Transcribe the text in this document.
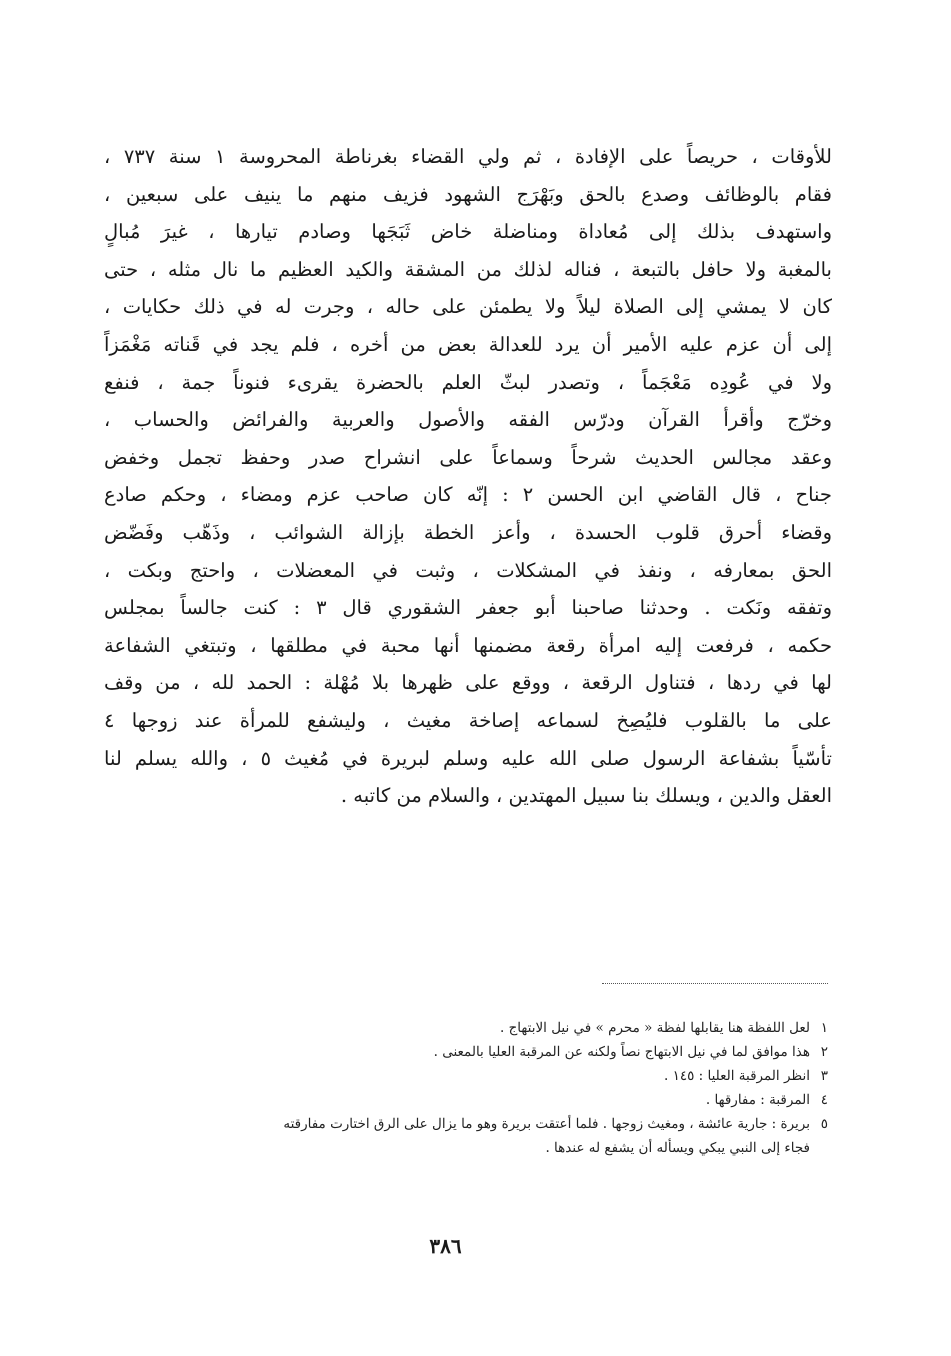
للأوقات ، حريصاً على الإفادة ، ثم ولي القضاء بغرناطة المحروسة ١ سنة ٧٣٧ ،
فقام بالوظائف وصدع بالحق وبَهْرَج الشهود فزيف منهم ما ينيف على سبعين ،
واستهدف بذلك إلى مُعاداة ومناضلة خاض ثَبَجَها وصادم تيارها ، غيرَ مُبالٍ
بالمغبة ولا حافل بالتبعة ، فناله لذلك من المشقة والكيد العظيم ما نال مثله ، حتى
كان لا يمشي إلى الصلاة ليلاً ولا يطمئن على حاله ، وجرت له في ذلك حكايات ،
إلى أن عزم عليه الأمير أن يرد للعدالة بعض من أخره ، فلم يجد في قَناته مَغْمَزاً
ولا في عُودِه مَعْجَماً ، وتصدر لبثّ العلم بالحضرة يقرىء فنوناً جمة ، فنفع
وخرّج وأقرأ القرآن ودرّس الفقه والأصول والعربية والفرائض والحساب ،
وعقد مجالس الحديث شرحاً وسماعاً على انشراح صدر وحفظ تجمل وخفض
جناح ، قال القاضي ابن الحسن ٢ : إنّه كان صاحب عزم ومضاء ، وحكم صادع
وقضاء أحرق قلوب الحسدة ، وأعز الخطة بإزالة الشوائب ، وذَهّب وفَضّض
الحق بمعارفه ، ونفذ في المشكلات ، وثبت في المعضلات ، واحتج وبكت ،
وتفقه ونَكت . وحدثنا صاحبنا أبو جعفر الشقوري قال ٣ : كنت جالساً بمجلس
حكمه ، فرفعت إليه امرأة رقعة مضمنها أنها محبة في مطلقها ، وتبتغي الشفاعة
لها في ردها ، فتناول الرقعة ، ووقع على ظهرها بلا مُهْلة : الحمد لله ، من وقف
على ما بالقلوب فليُصِخ لسماعه إصاخة مغيث ، وليشفع للمرأة عند زوجها ٤
تأسّياً بشفاعة الرسول صلى الله عليه وسلم لبريرة في مُغيث ٥ ، والله يسلم لنا
العقل والدين ، ويسلك بنا سبيل المهتدين ، والسلام من كاتبه .
١
لعل اللفظة هنا يقابلها لفظة « محرم » في نيل الابتهاج .
٢
هذا موافق لما في نيل الابتهاج نصاً ولكنه عن المرقبة العليا بالمعنى .
٣
انظر المرقبة العليا : ١٤٥ .
٤
المرقبة : مفارقها .
٥
بريرة : جارية عائشة ، ومغيث زوجها . فلما أعتقت بريرة وهو ما يزال على الرق اختارت مفارقته
فجاء إلى النبي يبكي ويسأله أن يشفع له عندها .
٣٨٦
